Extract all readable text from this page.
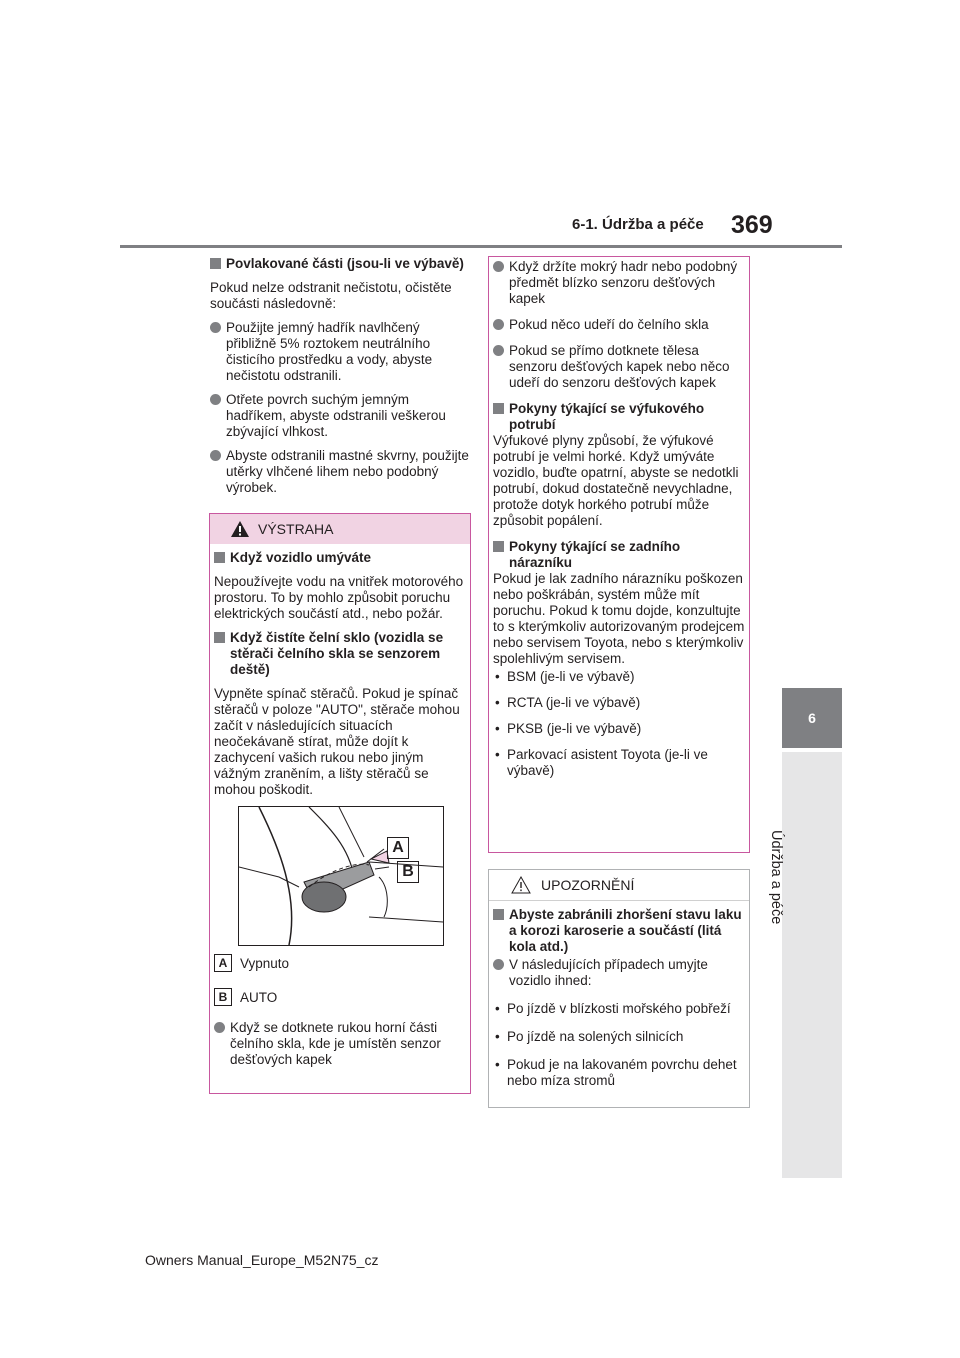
6-1. Údržba a péče 369
6
Údržba a péče
Povlakované části (jsou-li ve výbavě)
Pokud nelze odstranit nečistotu, očistěte součásti následovně:
Použijte jemný hadřík navlhčený přibližně 5% roztokem neutrálního čisticího prostředku a vody, abyste nečistotu odstranili.
Otřete povrch suchým jemným hadříkem, abyste odstranili veškerou zbývající vlhkost.
Abyste odstranili mastné skvrny, použijte utěrky vlhčené lihem nebo podobný výrobek.
VÝSTRAHA
Když vozidlo umýváte
Nepoužívejte vodu na vnitřek motorového prostoru. To by mohlo způsobit poruchu elektrických součástí atd., nebo požár.
Když čistíte čelní sklo (vozidla se stěrači čelního skla se senzorem deště)
Vypněte spínač stěračů. Pokud je spínač stěračů v poloze "AUTO", stěrače mohou začít v následujících situacích neočekávaně stírat, může dojít k zachycení vašich rukou nebo jiným vážným zraněním, a lišty stěračů se mohou poškodit.
A
B
A Vypnuto
B AUTO
Když se dotknete rukou horní části čelního skla, kde je umístěn senzor dešťových kapek
Když držíte mokrý hadr nebo podobný předmět blízko senzoru dešťových kapek
Pokud něco udeří do čelního skla
Pokud se přímo dotknete tělesa senzoru dešťových kapek nebo něco udeří do senzoru dešťových kapek
Pokyny týkající se výfukového potrubí
Výfukové plyny způsobí, že výfukové potrubí je velmi horké. Když umýváte vozidlo, buďte opatrní, abyste se nedotkli potrubí, dokud dostatečně nevychladne, protože dotyk horkého potrubí může způsobit popálení.
Pokyny týkající se zadního nárazníku
Pokud je lak zadního nárazníku poškozen nebo poškrábán, systém může mít poruchu. Pokud k tomu dojde, konzultujte to s kterýmkoliv autorizovaným prodejcem nebo servisem Toyota, nebo s kterýmkoliv spolehlivým servisem.
• BSM (je-li ve výbavě)
• RCTA (je-li ve výbavě)
• PKSB (je-li ve výbavě)
• Parkovací asistent Toyota (je-li ve výbavě)
UPOZORNĚNÍ
Abyste zabránili zhoršení stavu laku a korozi karoserie a součástí (litá kola atd.)
V následujících případech umyjte vozidlo ihned:
• Po jízdě v blízkosti mořského pobřeží
• Po jízdě na solených silnicích
• Pokud je na lakovaném povrchu dehet nebo míza stromů
Owners Manual_Europe_M52N75_cz
